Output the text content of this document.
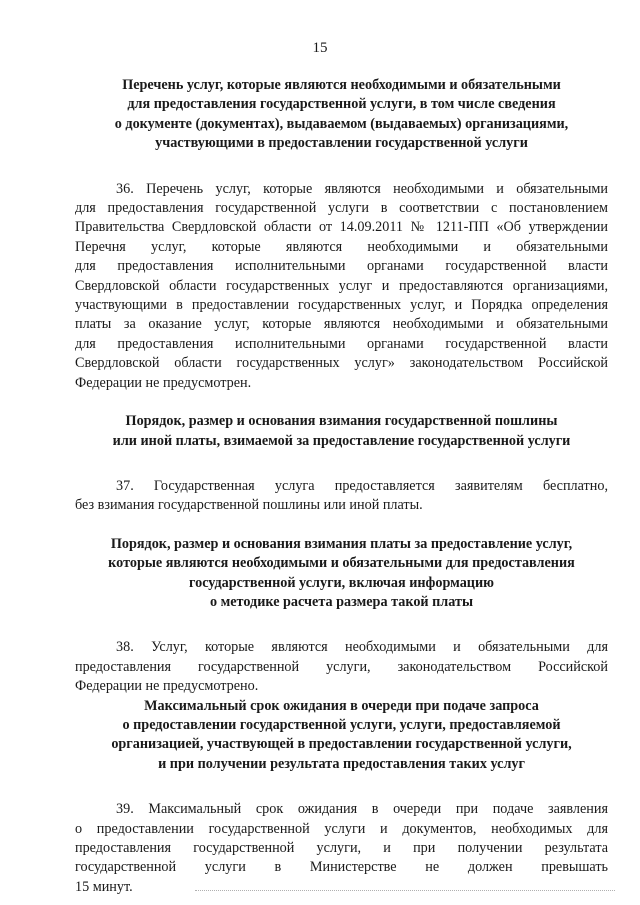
15
Перечень услуг, которые являются необходимыми и обязательными
для предоставления государственной услуги, в том числе сведения
о документе (документах), выдаваемом (выдаваемых) организациями,
участвующими в предоставлении государственной услуги
36. Перечень услуг, которые являются необходимыми и обязательными
для предоставления государственной услуги в соответствии с постановлением
Правительства Свердловской области от 14.09.2011 № 1211-ПП «Об утверждении
Перечня услуг, которые являются необходимыми и обязательными
для предоставления исполнительными органами государственной власти
Свердловской области государственных услуг и предоставляются организациями,
участвующими в предоставлении государственных услуг, и Порядка определения
платы за оказание услуг, которые являются необходимыми и обязательными
для предоставления исполнительными органами государственной власти
Свердловской области государственных услуг» законодательством Российской
Федерации не предусмотрен.
Порядок, размер и основания взимания государственной пошлины
или иной платы, взимаемой за предоставление государственной услуги
37. Государственная услуга предоставляется заявителям бесплатно,
без взимания государственной пошлины или иной платы.
Порядок, размер и основания взимания платы за предоставление услуг,
которые являются необходимыми и обязательными для предоставления
государственной услуги, включая информацию
о методике расчета размера такой платы
38. Услуг, которые являются необходимыми и обязательными для
предоставления государственной услуги, законодательством Российской
Федерации не предусмотрено.
Максимальный срок ожидания в очереди при подаче запроса
о предоставлении государственной услуги, услуги, предоставляемой
организацией, участвующей в предоставлении государственной услуги,
и при получении результата предоставления таких услуг
39. Максимальный срок ожидания в очереди при подаче заявления
о предоставлении государственной услуги и документов, необходимых для
предоставления государственной услуги, и при получении результата
государственной услуги в Министерстве не должен превышать
15 минут.
